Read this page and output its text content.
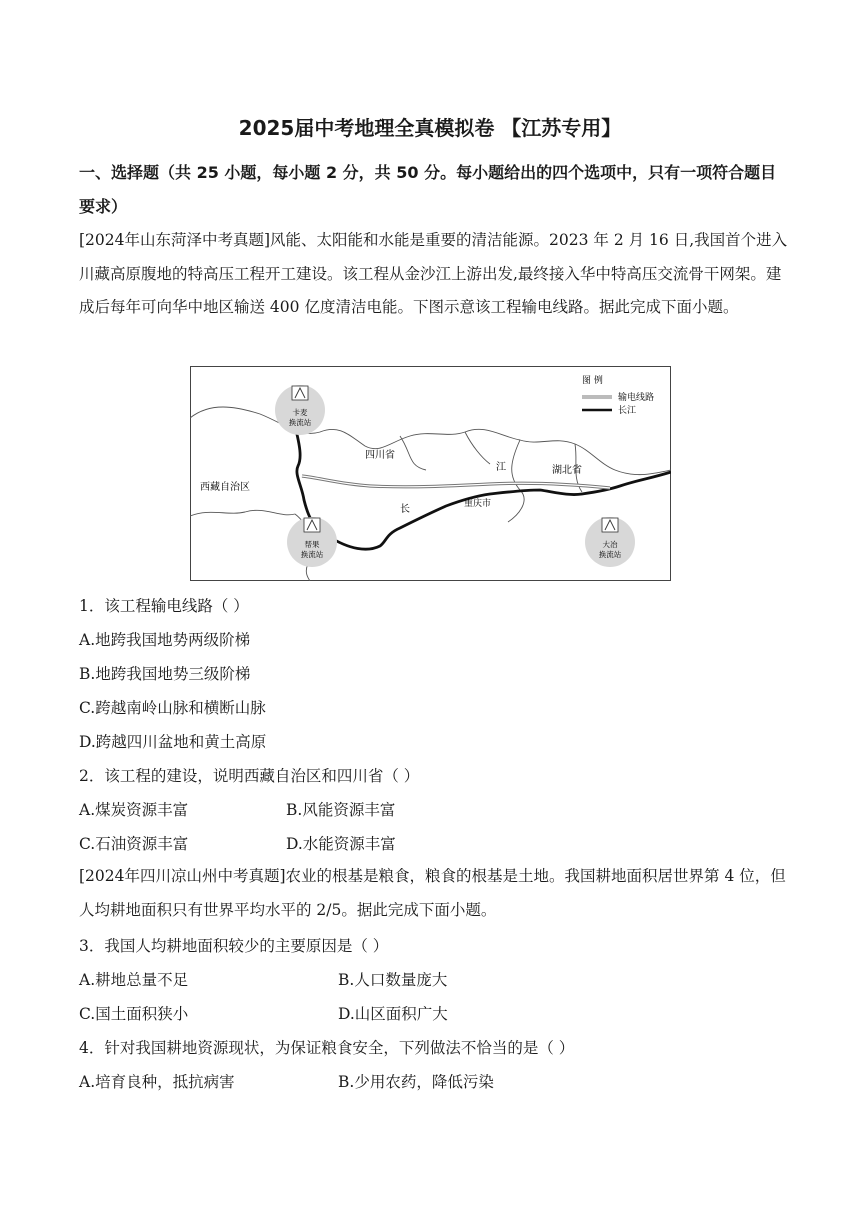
2025届中考地理全真模拟卷 【江苏专用】
一、选择题（共 25 小题，每小题 2 分，共 50 分。每小题给出的四个选项中，只有一项符合题目要求）
[2024年山东菏泽中考真题]风能、太阳能和水能是重要的清洁能源。2023 年 2 月 16 日,我国首个进入川藏高原腹地的特高压工程开工建设。该工程从金沙江上游出发,最终接入华中特高压交流骨干网架。建成后每年可向华中地区输送 400 亿度清洁电能。下图示意该工程输电线路。据此完成下面小题。
图 例
输电线路
长江
卡麦
换流站
帮果
换流站
大冶
换流站
四川省
西藏自治区
湖北省
重庆市
江
长
1．该工程输电线路（ ）
A.地跨我国地势两级阶梯
B.地跨我国地势三级阶梯
C.跨越南岭山脉和横断山脉
D.跨越四川盆地和黄土高原
2．该工程的建设，说明西藏自治区和四川省（ ）
A.煤炭资源丰富	B.风能资源丰富
C.石油资源丰富	D.水能资源丰富
[2024年四川凉山州中考真题]农业的根基是粮食，粮食的根基是土地。我国耕地面积居世界第 4 位，但人均耕地面积只有世界平均水平的 2/5。据此完成下面小题。
3．我国人均耕地面积较少的主要原因是（ ）
A.耕地总量不足	B.人口数量庞大
C.国土面积狭小	D.山区面积广大
4．针对我国耕地资源现状，为保证粮食安全，下列做法不恰当的是（ ）
A.培育良种，抵抗病害	B.少用农药，降低污染
